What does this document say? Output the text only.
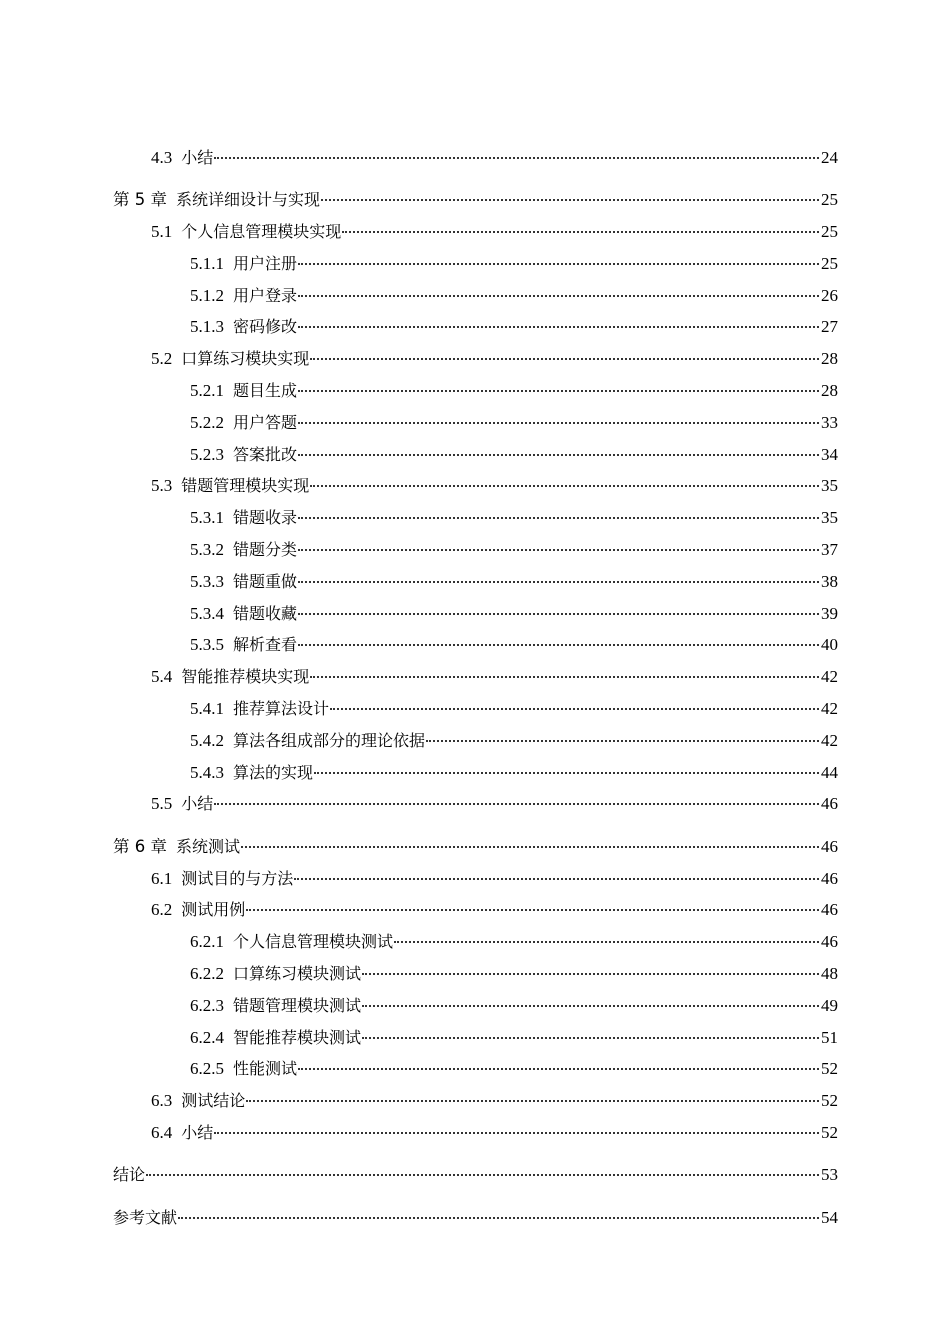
4.3 小结	24
第 5 章 系统详细设计与实现	25
5.1 个人信息管理模块实现	25
5.1.1 用户注册	25
5.1.2 用户登录	26
5.1.3 密码修改	27
5.2 口算练习模块实现	28
5.2.1 题目生成	28
5.2.2 用户答题	33
5.2.3 答案批改	34
5.3 错题管理模块实现	35
5.3.1 错题收录	35
5.3.2 错题分类	37
5.3.3 错题重做	38
5.3.4 错题收藏	39
5.3.5 解析查看	40
5.4 智能推荐模块实现	42
5.4.1 推荐算法设计	42
5.4.2 算法各组成部分的理论依据	42
5.4.3 算法的实现	44
5.5 小结	46
第 6 章 系统测试	46
6.1 测试目的与方法	46
6.2 测试用例	46
6.2.1 个人信息管理模块测试	46
6.2.2 口算练习模块测试	48
6.2.3 错题管理模块测试	49
6.2.4 智能推荐模块测试	51
6.2.5 性能测试	52
6.3 测试结论	52
6.4 小结	52
结论	53
参考文献	54
